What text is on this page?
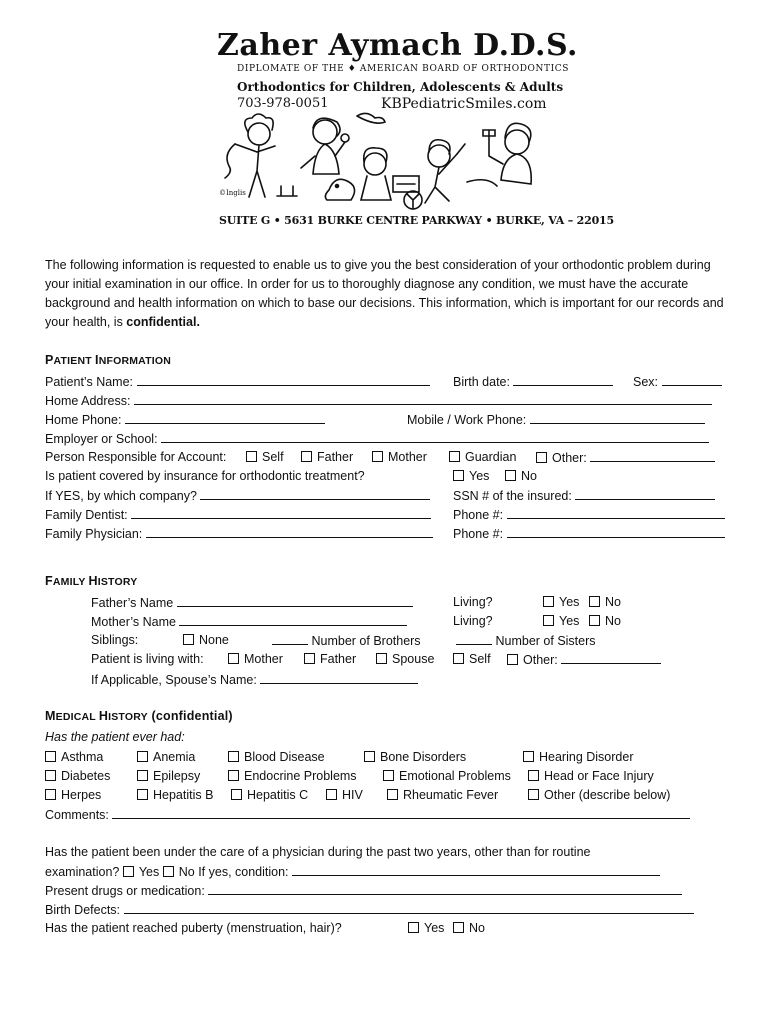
Zaher Aymach D.D.S.
DIPLOMATE OF THE ♦ AMERICAN BOARD OF ORTHODONTICS
Orthodontics for Children, Adolescents & Adults
703-978-0051	KBPediatricSmiles.com
©Inglis
SUITE G • 5631 BURKE CENTRE PARKWAY • BURKE, VA – 22015
The following information is requested to enable us to give you the best consideration of your orthodontic problem during your initial examination in our office. In order for us to thoroughly diagnose any condition, we must have the accurate background and health information on which to base our decisions. This information, which is important for our records and your health, is confidential.
PATIENT INFORMATION
Patient’s Name:	Birth date:	Sex:
Home Address:
Home Phone:	Mobile / Work Phone:
Employer or School:
Person Responsible for Account:	Self	Father	Mother	Guardian	Other:
Is patient covered by insurance for orthodontic treatment?	Yes	No
If YES, by which company?	SSN # of the insured:
Family Dentist:	Phone #:
Family Physician:	Phone #:
FAMILY HISTORY
Father’s Name	Living?	Yes	No
Mother’s Name	Living?	Yes	No
Siblings:	None	Number of Brothers	Number of Sisters
Patient is living with:	Mother	Father	Spouse	Self	Other:
If Applicable, Spouse’s Name:
MEDICAL HISTORY (confidential)
Has the patient ever had:
Asthma	Anemia	Blood Disease	Bone Disorders	Hearing Disorder
Diabetes	Epilepsy	Endocrine Problems	Emotional Problems	Head or Face Injury
Herpes	Hepatitis B	Hepatitis C	HIV	Rheumatic Fever	Other (describe below)
Comments:
Has the patient been under the care of a physician during the past two years, other than for routine
examination? Yes No If yes, condition:
Present drugs or medication:
Birth Defects:
Has the patient reached puberty (menstruation, hair)?	Yes	No
